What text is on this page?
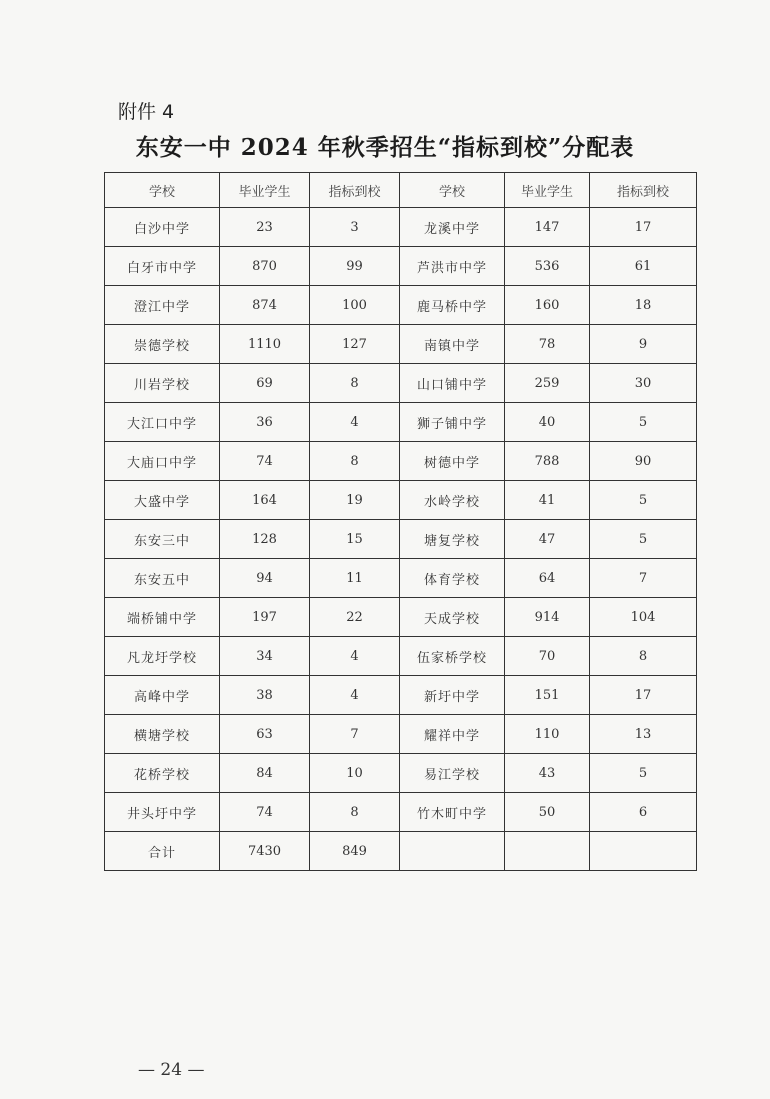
附件 4
东安一中 2024 年秋季招生“指标到校”分配表
学校	毕业学生	指标到校	学校	毕业学生	指标到校
白沙中学	23	3	龙溪中学	147	17
白牙市中学	870	99	芦洪市中学	536	61
澄江中学	874	100	鹿马桥中学	160	18
崇德学校	1110	127	南镇中学	78	9
川岩学校	69	8	山口铺中学	259	30
大江口中学	36	4	狮子铺中学	40	5
大庙口中学	74	8	树德中学	788	90
大盛中学	164	19	水岭学校	41	5
东安三中	128	15	塘复学校	47	5
东安五中	94	11	体育学校	64	7
端桥铺中学	197	22	天成学校	914	104
凡龙圩学校	34	4	伍家桥学校	70	8
高峰中学	38	4	新圩中学	151	17
横塘学校	63	7	耀祥中学	110	13
花桥学校	84	10	易江学校	43	5
井头圩中学	74	8	竹木町中学	50	6
合计	7430	849			
— 24 —
